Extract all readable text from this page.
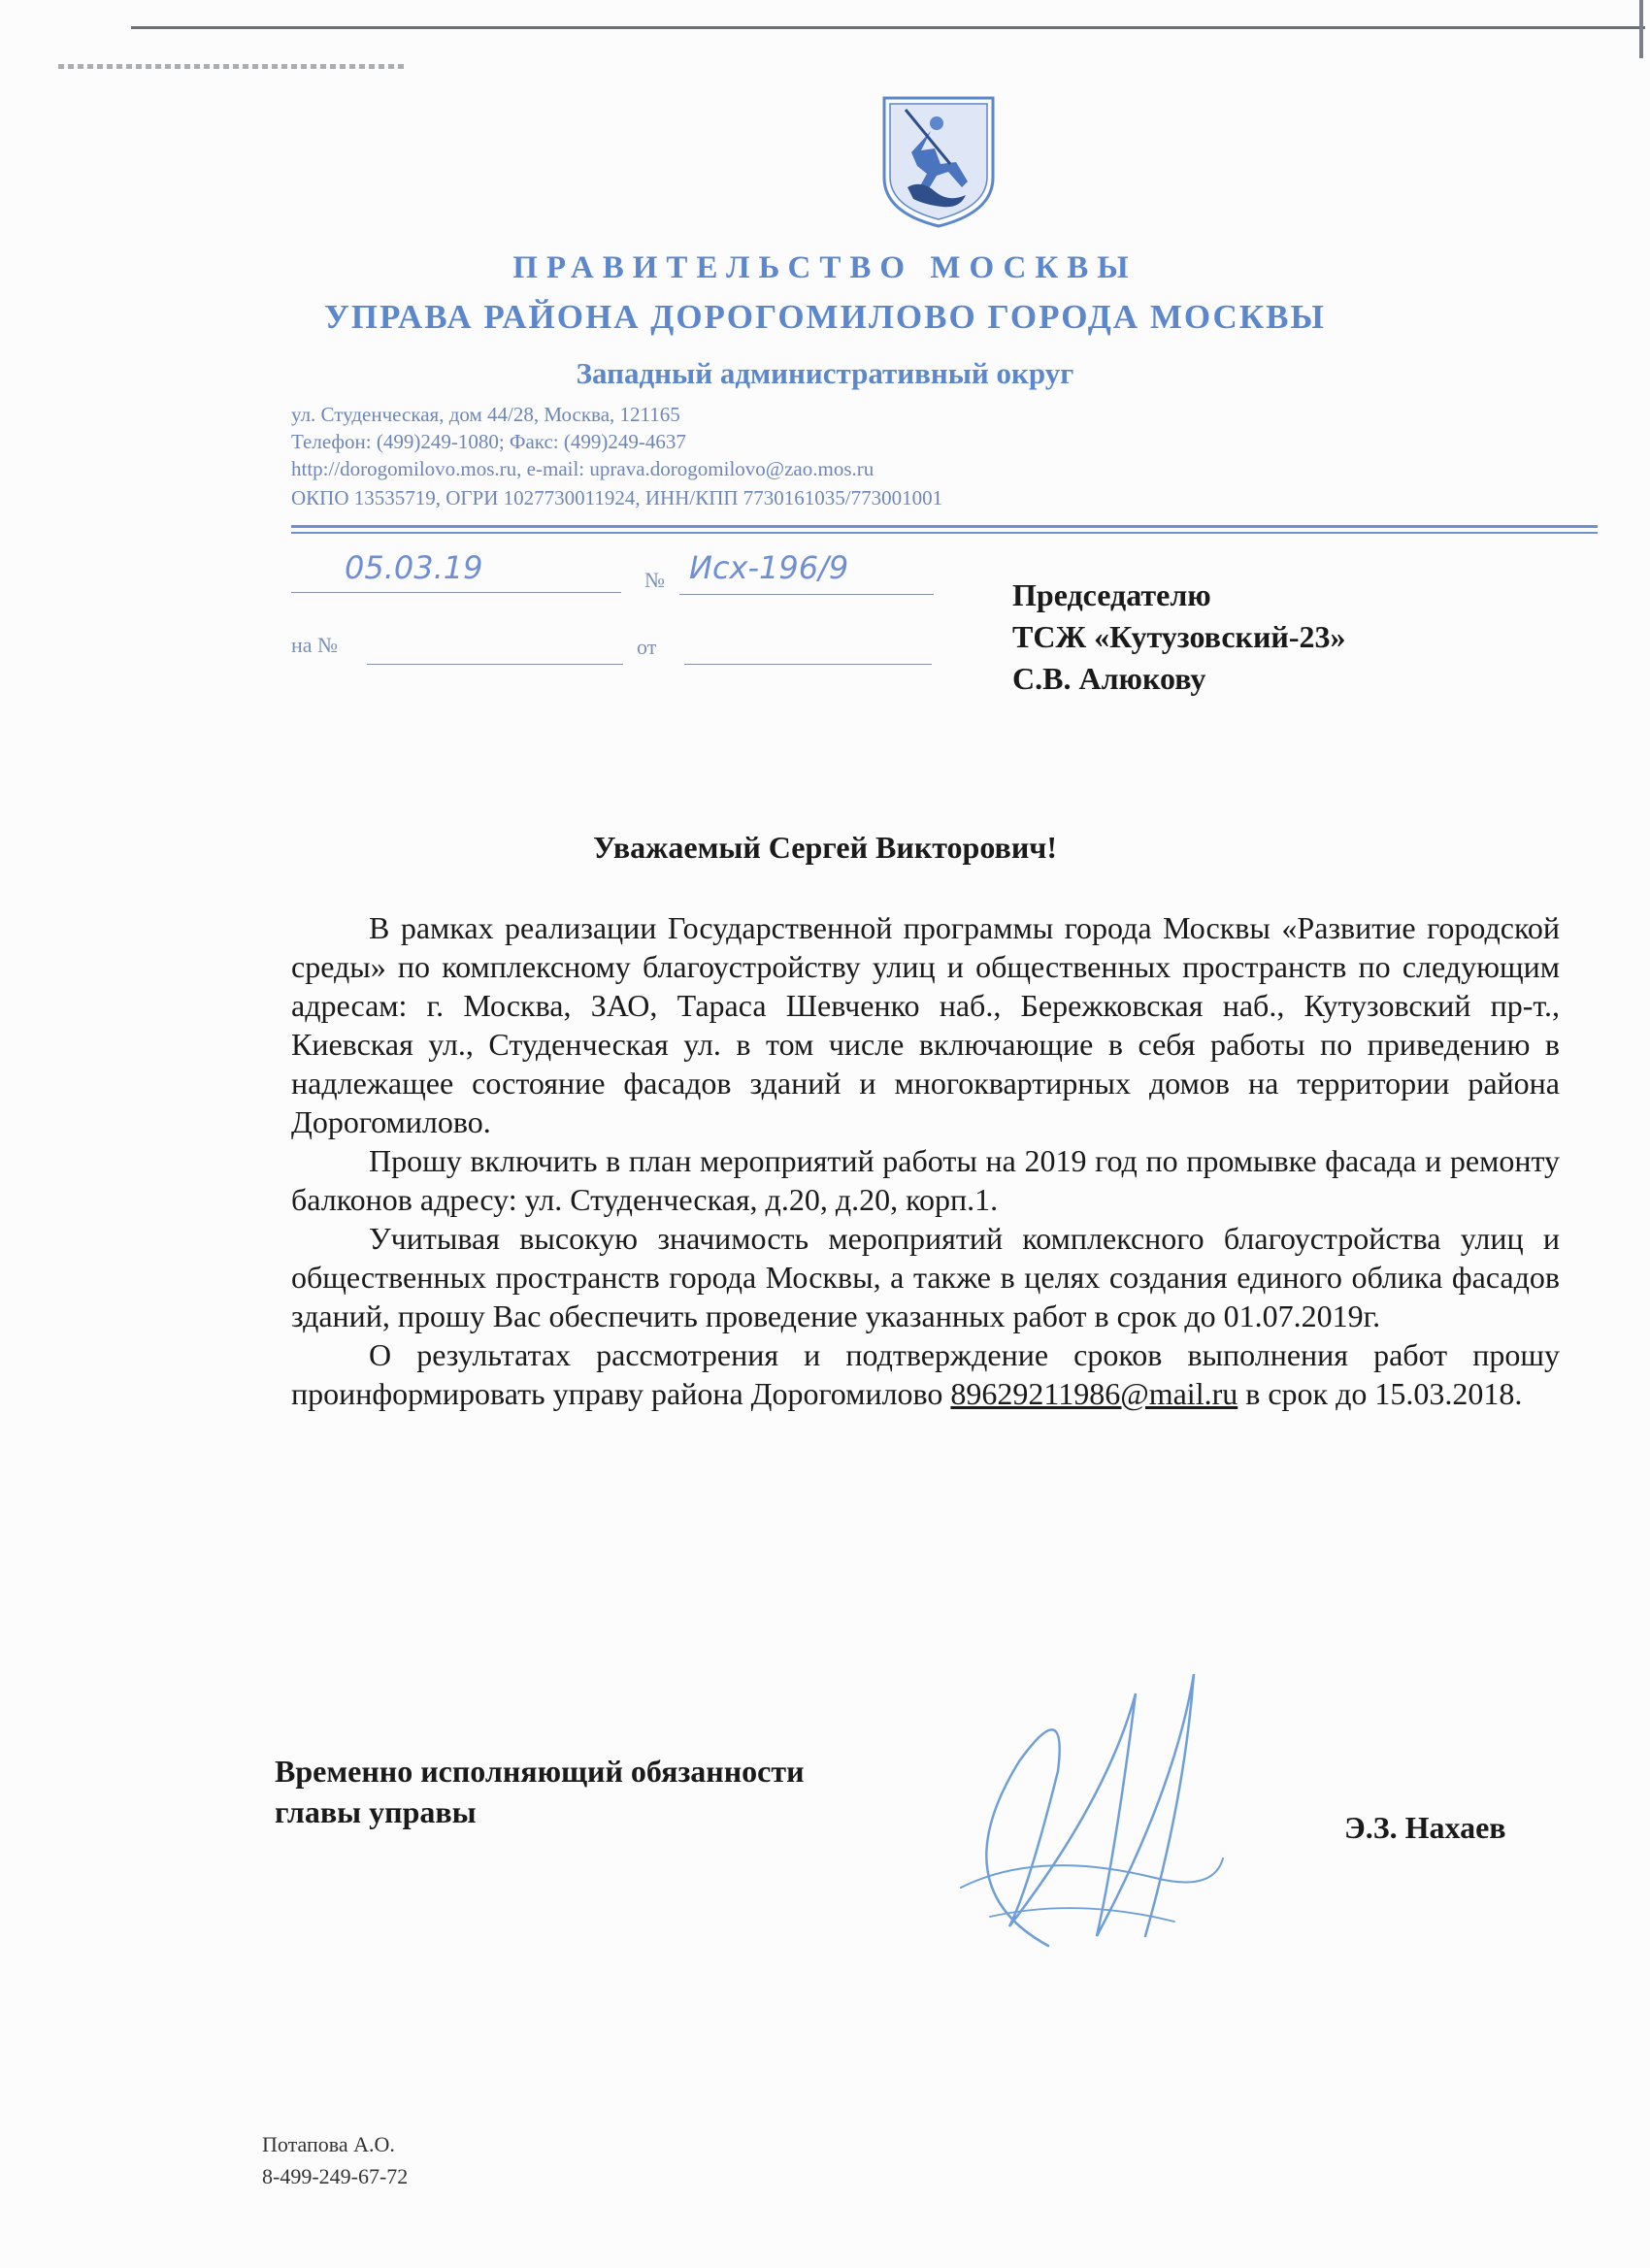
ПРАВИТЕЛЬСТВО МОСКВЫ
УПРАВА РАЙОНА ДОРОГОМИЛОВО ГОРОДА МОСКВЫ
Западный административный округ
ул. Студенческая, дом 44/28, Москва, 121165
Телефон: (499)249-1080; Факс: (499)249-4637
http://dorogomilovo.mos.ru, e-mail: uprava.dorogomilovo@zao.mos.ru
ОКПО 13535719, ОГРИ 1027730011924, ИНН/КПП 7730161035/773001001
05.03.19	№ Исх-196/9
на №	от
Председателю
ТСЖ «Кутузовский-23»
С.В. Алюкову
Уважаемый Сергей Викторович!

В рамках реализации Государственной программы города Москвы «Развитие городской среды» по комплексному благоустройству улиц и общественных пространств по следующим адресам: г. Москва, ЗАО, Тараса Шевченко наб., Бережковская наб., Кутузовский пр-т., Киевская ул., Студенческая ул. в том числе включающие в себя работы по приведению в надлежащее состояние фасадов зданий и многоквартирных домов на территории района Дорогомилово.

Прошу включить в план мероприятий работы на 2019 год по промывке фасада и ремонту балконов адресу: ул. Студенческая, д.20, д.20, корп.1.

Учитывая высокую значимость мероприятий комплексного благоустройства улиц и общественных пространств города Москвы, а также в целях создания единого облика фасадов зданий, прошу Вас обеспечить проведение указанных работ в срок до 01.07.2019г.

О результатах рассмотрения и подтверждение сроков выполнения работ прошу проинформировать управу района Дорогомилово 89629211986@mail.ru в срок до 15.03.2018.

Временно исполняющий обязанности
главы управы	Э.З. Нахаев
Потапова А.О.
8-499-249-67-72
